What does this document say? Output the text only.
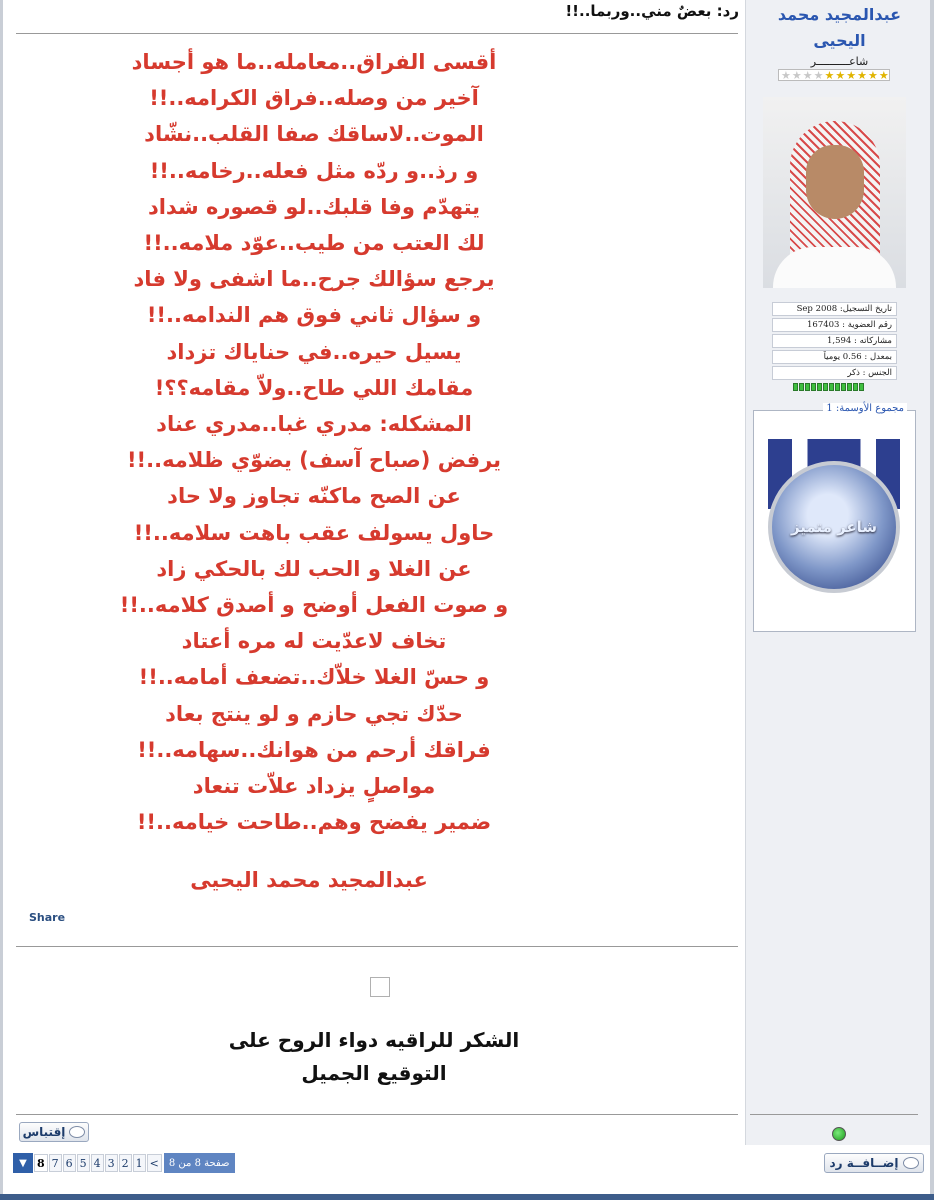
رد: بعضٌ مني..وربما..!!
أقسى الفراق..معامله..ما هو أجساد
آخير من وصله..فراق الكرامه..!!
الموت..لاساقك صفا القلب..نشّاد
و رذ..و ردّه مثل فعله..رخامه..!!
يتهدّم وفا قلبك..لو قصوره شداد
لك العتب من طيب..عوّد ملامه..!!
يرجع سؤالك جرح..ما اشفى ولا فاد
و سؤال ثاني فوق هم الندامه..!!
يسيل حيره..في حناياك تزداد
مقامك اللي طاح..ولاّ مقامه؟؟!
المشكله: مدري غبا..مدري عناد
يرفض (صباح آسف) يضوّي ظلامه..!!
عن الصح ماكنّه تجاوز ولا حاد
حاول يسولف عقب باهت سلامه..!!
عن الغلا و الحب لك بالحكي زاد
و صوت الفعل أوضح و أصدق كلامه..!!
تخاف لاعدّيت له مره أعتاد
و حسّ الغلا خلاّك..تضعف أمامه..!!
حدّك تجي حازم و لو ينتج بعاد
فراقك أرحم من هوانك..سهامه..!!
مواصلٍ يزداد علاّت تنعاد
ضمير يفضح وهم..طاحت خيامه..!!
عبدالمجيد محمد اليحيى
Share
الشكر للراقيه دواء الروح على
التوقيع الجميل
إقتباس
▼ 8 7 6 5 4 3 2 1 <	صفحة 8 من 8
عبدالمجيد محمد
اليحيى
شاعــــــــــر
★ ★ ★ ★ ★ ★ ★ ★ ★ ★
تاريخ التسجيل: Sep 2008
رقم العضوية : 167403
مشاركاته : 1,594
بمعدل : 0.56 يومياً
الجنس : ذكر
مجموع الأوسمة: 1
شاعر متميز
إضــافــة رد
